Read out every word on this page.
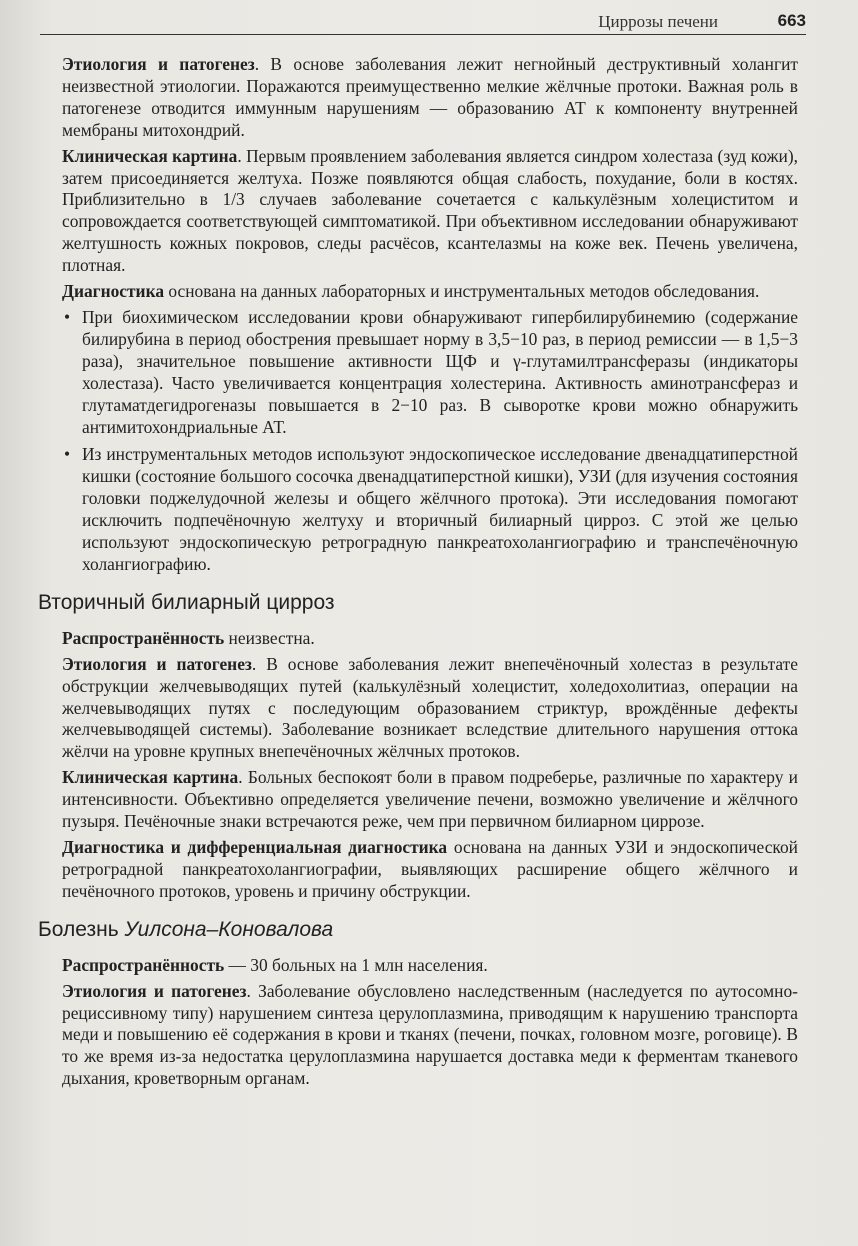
Циррозы печени	663

Этиология и патогенез. В основе заболевания лежит негнойный деструктивный холангит неизвестной этиологии. Поражаются преимущественно мелкие жёлчные протоки. Важная роль в патогенезе отводится иммунным нарушениям — образованию АТ к компоненту внутренней мембраны митохондрий.

Клиническая картина. Первым проявлением заболевания является синдром холестаза (зуд кожи), затем присоединяется желтуха. Позже появляются общая слабость, похудание, боли в костях. Приблизительно в 1/3 случаев заболевание сочетается с калькулёзным холециститом и сопровождается соответствующей симптоматикой. При объективном исследовании обнаруживают желтушность кожных покровов, следы расчёсов, ксантелазмы на коже век. Печень увеличена, плотная.

Диагностика основана на данных лабораторных и инструментальных методов обследования.

• При биохимическом исследовании крови обнаруживают гипербилирубинемию (содержание билирубина в период обострения превышает норму в 3,5−10 раз, в период ремиссии — в 1,5−3 раза), значительное повышение активности ЩФ и γ-глутамилтрансферазы (индикаторы холестаза). Часто увеличивается концентрация холестерина. Активность аминотрансфераз и глутаматдегидрогеназы повышается в 2−10 раз. В сыворотке крови можно обнаружить антимитохондриальные АТ.
• Из инструментальных методов используют эндоскопическое исследование двенадцатиперстной кишки (состояние большого сосочка двенадцатиперстной кишки), УЗИ (для изучения состояния головки поджелудочной железы и общего жёлчного протока). Эти исследования помогают исключить подпечёночную желтуху и вторичный билиарный цирроз. С этой же целью используют эндоскопическую ретроградную панкреатохолангиографию и транспечёночную холангиографию.
Вторичный билиарный цирроз

Распространённость неизвестна.

Этиология и патогенез. В основе заболевания лежит внепечёночный холестаз в результате обструкции желчевыводящих путей (калькулёзный холецистит, холедохолитиаз, операции на желчевыводящих путях с последующим образованием стриктур, врождённые дефекты желчевыводящей системы). Заболевание возникает вследствие длительного нарушения оттока жёлчи на уровне крупных внепечёночных жёлчных протоков.

Клиническая картина. Больных беспокоят боли в правом подреберье, различные по характеру и интенсивности. Объективно определяется увеличение печени, возможно увеличение и жёлчного пузыря. Печёночные знаки встречаются реже, чем при первичном билиарном циррозе.

Диагностика и дифференциальная диагностика основана на данных УЗИ и эндоскопической ретроградной панкреатохолангиографии, выявляющих расширение общего жёлчного и печёночного протоков, уровень и причину обструкции.

Болезнь Уилсона–Коновалова

Распространённость — 30 больных на 1 млн населения.

Этиология и патогенез. Заболевание обусловлено наследственным (наследуется по аутосомно-рециссивному типу) нарушением синтеза церулоплазмина, приводящим к нарушению транспорта меди и повышению её содержания в крови и тканях (печени, почках, головном мозге, роговице). В то же время из-за недостатка церулоплазмина нарушается доставка меди к ферментам тканевого дыхания, кроветворным органам.
